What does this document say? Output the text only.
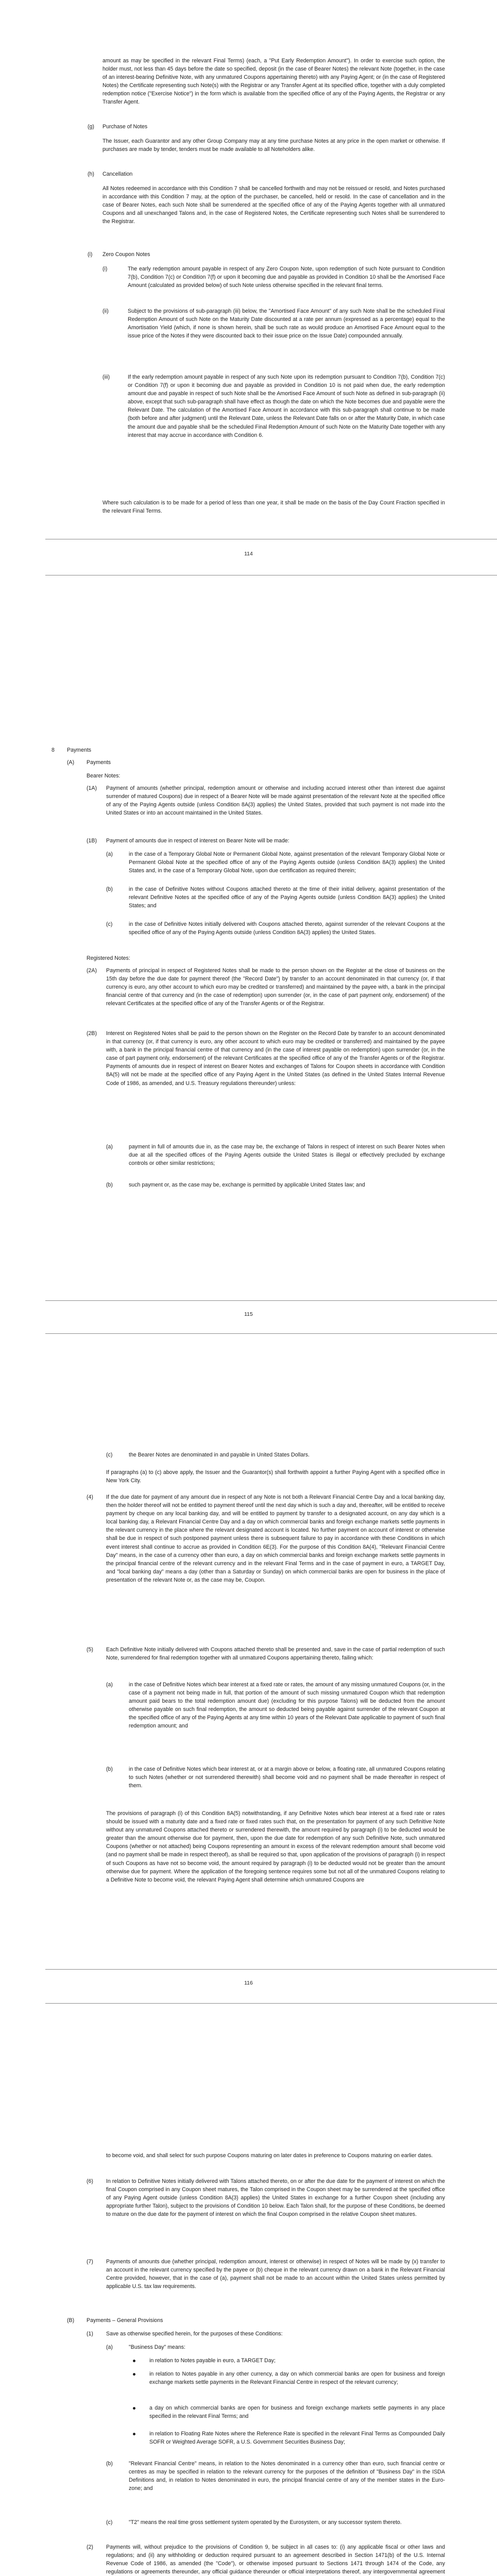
amount as may be specified in the relevant Final Terms) (each, a "Put Early Redemption Amount"). In order to exercise such option, the holder must, not less than 45 days before the date so specified, deposit (in the case of Bearer Notes) the relevant Note (together, in the case of an interest-bearing Definitive Note, with any unmatured Coupons appertaining thereto) with any Paying Agent; or (in the case of Registered Notes) the Certificate representing such Note(s) with the Registrar or any Transfer Agent at its specified office, together with a duly completed redemption notice ("Exercise Notice") in the form which is available from the specified office of any of the Paying Agents, the Registrar or any Transfer Agent.

(g) Purchase of Notes

The Issuer, each Guarantor and any other Group Company may at any time purchase Notes at any price in the open market or otherwise. If purchases are made by tender, tenders must be made available to all Noteholders alike.

(h) Cancellation

All Notes redeemed in accordance with this Condition 7 shall be cancelled forthwith and may not be reissued or resold, and Notes purchased in accordance with this Condition 7 may, at the option of the purchaser, be cancelled, held or resold. In the case of cancellation and in the case of Bearer Notes, each such Note shall be surrendered at the specified office of any of the Paying Agents together with all unmatured Coupons and all unexchanged Talons and, in the case of Registered Notes, the Certificate representing such Notes shall be surrendered to the Registrar.

(i) Zero Coupon Notes
(i)	The early redemption amount payable in respect of any Zero Coupon Note, upon redemption of such Note pursuant to Condition 7(b), Condition 7(c) or Condition 7(f) or upon it becoming due and payable as provided in Condition 10 shall be the Amortised Face Amount (calculated as provided below) of such Note unless otherwise specified in the relevant final terms.

(ii)	Subject to the provisions of sub-paragraph (iii) below, the "Amortised Face Amount" of any such Note shall be the scheduled Final Redemption Amount of such Note on the Maturity Date discounted at a rate per annum (expressed as a percentage) equal to the Amortisation Yield (which, if none is shown herein, shall be such rate as would produce an Amortised Face Amount equal to the issue price of the Notes if they were discounted back to their issue price on the Issue Date) compounded annually.

(iii)	If the early redemption amount payable in respect of any such Note upon its redemption pursuant to Condition 7(b), Condition 7(c) or Condition 7(f) or upon it becoming due and payable as provided in Condition 10 is not paid when due, the early redemption amount due and payable in respect of such Note shall be the Amortised Face Amount of such Note as defined in sub-paragraph (ii) above, except that such sub-paragraph shall have effect as though the date on which the Note becomes due and payable were the Relevant Date. The calculation of the Amortised Face Amount in accordance with this sub-paragraph shall continue to be made (both before and after judgment) until the Relevant Date, unless the Relevant Date falls on or after the Maturity Date, in which case the amount due and payable shall be the scheduled Final Redemption Amount of such Note on the Maturity Date together with any interest that may accrue in accordance with Condition 6.

Where such calculation is to be made for a period of less than one year, it shall be made on the basis of the Day Count Fraction specified in the relevant Final Terms.

114
8 Payments
(A) Payments
Bearer Notes:
(1A) Payment of amounts (whether principal, redemption amount or otherwise and including accrued interest other than interest due against surrender of matured Coupons) due in respect of a Bearer Note will be made against presentation of the relevant Note at the specified office of any of the Paying Agents outside (unless Condition 8A(3) applies) the United States, provided that such payment is not made into the United States or into an account maintained in the United States.

(1B) Payment of amounts due in respect of interest on Bearer Note will be made:

(a)	in the case of a Temporary Global Note or Permanent Global Note, against presentation of the relevant Temporary Global Note or Permanent Global Note at the specified office of any of the Paying Agents outside (unless Condition 8A(3) applies) the United States and, in the case of a Temporary Global Note, upon due certification as required therein;

(b)	in the case of Definitive Notes without Coupons attached thereto at the time of their initial delivery, against presentation of the relevant Definitive Notes at the specified office of any of the Paying Agents outside (unless Condition 8A(3) applies) the United States; and

(c)	in the case of Definitive Notes initially delivered with Coupons attached thereto, against surrender of the relevant Coupons at the specified office of any of the Paying Agents outside (unless Condition 8A(3) applies) the United States.

Registered Notes:
(2A) Payments of principal in respect of Registered Notes shall be made to the person shown on the Register at the close of business on the 15th day before the due date for payment thereof (the "Record Date") by transfer to an account denominated in that currency (or, if that currency is euro, any other account to which euro may be credited or transferred) and maintained by the payee with, a bank in the principal financial centre of that currency and (in the case of redemption) upon surrender (or, in the case of part payment only, endorsement) of the relevant Certificates at the specified office of any of the Transfer Agents or of the Registrar.

(2B) Interest on Registered Notes shall be paid to the person shown on the Register on the Record Date by transfer to an account denominated in that currency (or, if that currency is euro, any other account to which euro may be credited or transferred) and maintained by the payee with, a bank in the principal financial centre of that currency and (in the case of interest payable on redemption) upon surrender (or, in the case of part payment only, endorsement) of the relevant Certificates at the specified office of any of the Transfer Agents or of the Registrar. Payments of amounts due in respect of interest on Bearer Notes and exchanges of Talons for Coupon sheets in accordance with Condition 8A(5) will not be made at the specified office of any Paying Agent in the United States (as defined in the United States Internal Revenue Code of 1986, as amended, and U.S. Treasury regulations thereunder) unless:

(a)	payment in full of amounts due in, as the case may be, the exchange of Talons in respect of interest on such Bearer Notes when due at all the specified offices of the Paying Agents outside the United States is illegal or effectively precluded by exchange controls or other similar restrictions;

(b)	such payment or, as the case may be, exchange is permitted by applicable United States law; and

115
(c)	the Bearer Notes are denominated in and payable in United States Dollars.

If paragraphs (a) to (c) above apply, the Issuer and the Guarantor(s) shall forthwith appoint a further Paying Agent with a specified office in New York City.

(4) If the due date for payment of any amount due in respect of any Note is not both a Relevant Financial Centre Day and a local banking day, then the holder thereof will not be entitled to payment thereof until the next day which is such a day and, thereafter, will be entitled to receive payment by cheque on any local banking day, and will be entitled to payment by transfer to a designated account, on any day which is a local banking day, a Relevant Financial Centre Day and a day on which commercial banks and foreign exchange markets settle payments in the relevant currency in the place where the relevant designated account is located. No further payment on account of interest or otherwise shall be due in respect of such postponed payment unless there is subsequent failure to pay in accordance with these Conditions in which event interest shall continue to accrue as provided in Condition 6E(3). For the purpose of this Condition 8A(4), "Relevant Financial Centre Day" means, in the case of a currency other than euro, a day on which commercial banks and foreign exchange markets settle payments in the principal financial centre of the relevant currency and in the relevant Final Terms and in the case of payment in euro, a TARGET Day, and "local banking day" means a day (other than a Saturday or Sunday) on which commercial banks are open for business in the place of presentation of the relevant Note or, as the case may be, Coupon.

(5) Each Definitive Note initially delivered with Coupons attached thereto shall be presented and, save in the case of partial redemption of such Note, surrendered for final redemption together with all unmatured Coupons appertaining thereto, failing which:

(a)	in the case of Definitive Notes which bear interest at a fixed rate or rates, the amount of any missing unmatured Coupons (or, in the case of a payment not being made in full, that portion of the amount of such missing unmatured Coupon which that redemption amount paid bears to the total redemption amount due) (excluding for this purpose Talons) will be deducted from the amount otherwise payable on such final redemption, the amount so deducted being payable against surrender of the relevant Coupon at the specified office of any of the Paying Agents at any time within 10 years of the Relevant Date applicable to payment of such final redemption amount; and

(b)	in the case of Definitive Notes which bear interest at, or at a margin above or below, a floating rate, all unmatured Coupons relating to such Notes (whether or not surrendered therewith) shall become void and no payment shall be made thereafter in respect of them.

The provisions of paragraph (i) of this Condition 8A(5) notwithstanding, if any Definitive Notes which bear interest at a fixed rate or rates should be issued with a maturity date and a fixed rate or fixed rates such that, on the presentation for payment of any such Definitive Note without any unmatured Coupons attached thereto or surrendered therewith, the amount required by paragraph (i) to be deducted would be greater than the amount otherwise due for payment, then, upon the due date for redemption of any such Definitive Note, such unmatured Coupons (whether or not attached) being Coupons representing an amount in excess of the relevant redemption amount shall become void (and no payment shall be made in respect thereof), as shall be required so that, upon application of the provisions of paragraph (i) in respect of such Coupons as have not so become void, the amount required by paragraph (i) to be deducted would not be greater than the amount otherwise due for payment. Where the application of the foregoing sentence requires some but not all of the unmatured Coupons relating to a Definitive Note to become void, the relevant Paying Agent shall determine which unmatured Coupons are

116

to become void, and shall select for such purpose Coupons maturing on later dates in preference to Coupons maturing on earlier dates.

(6) In relation to Definitive Notes initially delivered with Talons attached thereto, on or after the due date for the payment of interest on which the final Coupon comprised in any Coupon sheet matures, the Talon comprised in the Coupon sheet may be surrendered at the specified office of any Paying Agent outside (unless Condition 8A(3) applies) the United States in exchange for a further Coupon sheet (including any appropriate further Talon), subject to the provisions of Condition 10 below. Each Talon shall, for the purpose of these Conditions, be deemed to mature on the due date for the payment of interest on which the final Coupon comprised in the relative Coupon sheet matures.

(7) Payments of amounts due (whether principal, redemption amount, interest or otherwise) in respect of Notes will be made by (x) transfer to an account in the relevant currency specified by the payee or (b) cheque in the relevant currency drawn on a bank in the Relevant Financial Centre provided, however, that in the case of (a), payment shall not be made to an account within the United States unless permitted by applicable U.S. tax law requirements.

(B) Payments – General Provisions
(1) Save as otherwise specified herein, for the purposes of these Conditions:

(a)	"Business Day" means:

in relation to Notes payable in euro, a TARGET Day;

in relation to Notes payable in any other currency, a day on which commercial banks are open for business and foreign exchange markets settle payments in the Relevant Financial Centre in respect of the relevant currency;

a day on which commercial banks are open for business and foreign exchange markets settle payments in any place specified in the relevant Final Terms; and

in relation to Floating Rate Notes where the Reference Rate is specified in the relevant Final Terms as Compounded Daily SOFR or Weighted Average SOFR, a U.S. Government Securities Business Day;

(b)	"Relevant Financial Centre" means, in relation to the Notes denominated in a currency other than euro, such financial centre or centres as may be specified in relation to the relevant currency for the purposes of the definition of "Business Day" in the ISDA Definitions and, in relation to Notes denominated in euro, the principal financial centre of any of the member states in the Euro-zone; and

(c)	"T2" means the real time gross settlement system operated by the Eurosystem, or any successor system thereto.

(2) Payments will, without prejudice to the provisions of Condition 9, be subject in all cases to: (i) any applicable fiscal or other laws and regulations; and (ii) any withholding or deduction required pursuant to an agreement described in Section 1471(b) of the U.S. Internal Revenue Code of 1986, as amended (the "Code"), or otherwise imposed pursuant to Sections 1471 through 1474 of the Code, any regulations or agreements thereunder, any official guidance thereunder or official interpretations thereof, any intergovernmental agreement
